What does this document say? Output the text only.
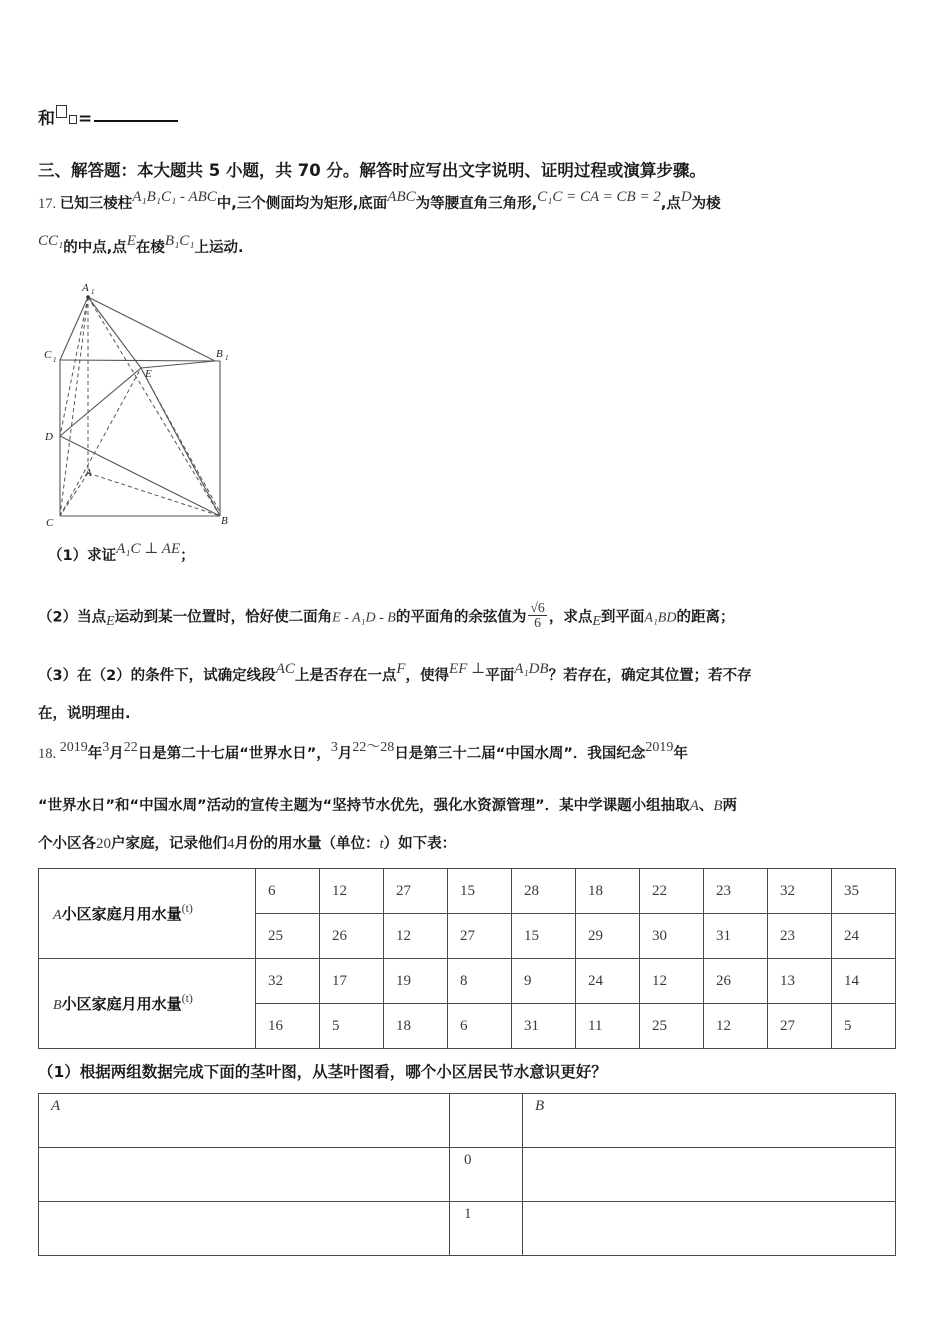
和 =
三、解答题：本大题共 5 小题，共 70 分。解答时应写出文字说明、证明过程或演算步骤。
17. 已知三棱柱A₁B₁C₁ - ABC中,三个侧面均为矩形,底面ABC为等腰直角三角形,C₁C = CA = CB = 2,点D为棱
CC₁的中点,点E在棱B₁C₁上运动.
A 1
C 1	B 1
E
D
A
C	B
（1）求证A₁C ⊥ AE；
（2）当点E运动到某一位置时，恰好使二面角E - A₁D - B的平面角的余弦值为 $\frac{√6}{6}$ ，求点E到平面A₁BD的距离；
（3）在（2）的条件下，试确定线段AC上是否存在一点F，使得EF ⊥平面A₁DB？若存在，确定其位置；若不存
在，说明理由.
18. 2019年3月22日是第二十七届“世界水日”，3月22～28日是第三十二届“中国水周”．我国纪念2019年
“世界水日”和“中国水周”活动的宣传主题为“坚持节水优先，强化水资源管理”．某中学课题小组抽取A、B两
个小区各20户家庭，记录他们4月份的用水量（单位：t）如下表：
A小区家庭月用水量$^{(t)}$	6	12	27	15	28	18	22	23	32	35
	25	26	12	27	15	29	30	31	23	24
B小区家庭月用水量$^{(t)}$	32	17	19	8	9	24	12	26	13	14
	16	5	18	6	31	11	25	12	27	5
（1）根据两组数据完成下面的茎叶图，从茎叶图看，哪个小区居民节水意识更好？
A		B
	0	
	1	
